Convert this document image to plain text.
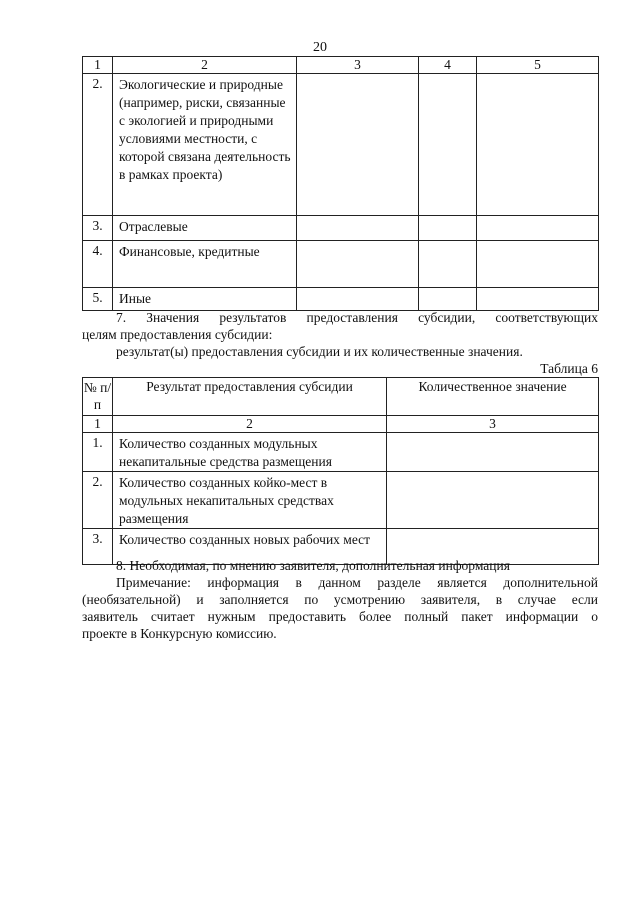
20
1	2	3	4	5
2.	Экологические и природные (например, риски, связанные с экологией и природными условиями местности, с которой связана деятельность в рамках проекта)			
3.	Отраслевые			
4.	Финансовые, кредитные			
5.	Иные			
7. Значения результатов предоставления субсидии, соответствующих
целям предоставления субсидии:
результат(ы) предоставления субсидии и их количественные значения.
Таблица 6
№ п/п	Результат предоставления субсидии	Количественное значение
1	2	3
1.	Количество созданных модульных некапитальные средства размещения	
2.	Количество созданных койко-мест в модульных некапитальных средствах размещения	
3.	Количество созданных новых рабочих мест	
8. Необходимая, по мнению заявителя, дополнительная информация
Примечание: информация в данном разделе является дополнительной
(необязательной) и заполняется по усмотрению заявителя, в случае если
заявитель считает нужным предоставить более полный пакет информации о
проекте в Конкурсную комиссию.
